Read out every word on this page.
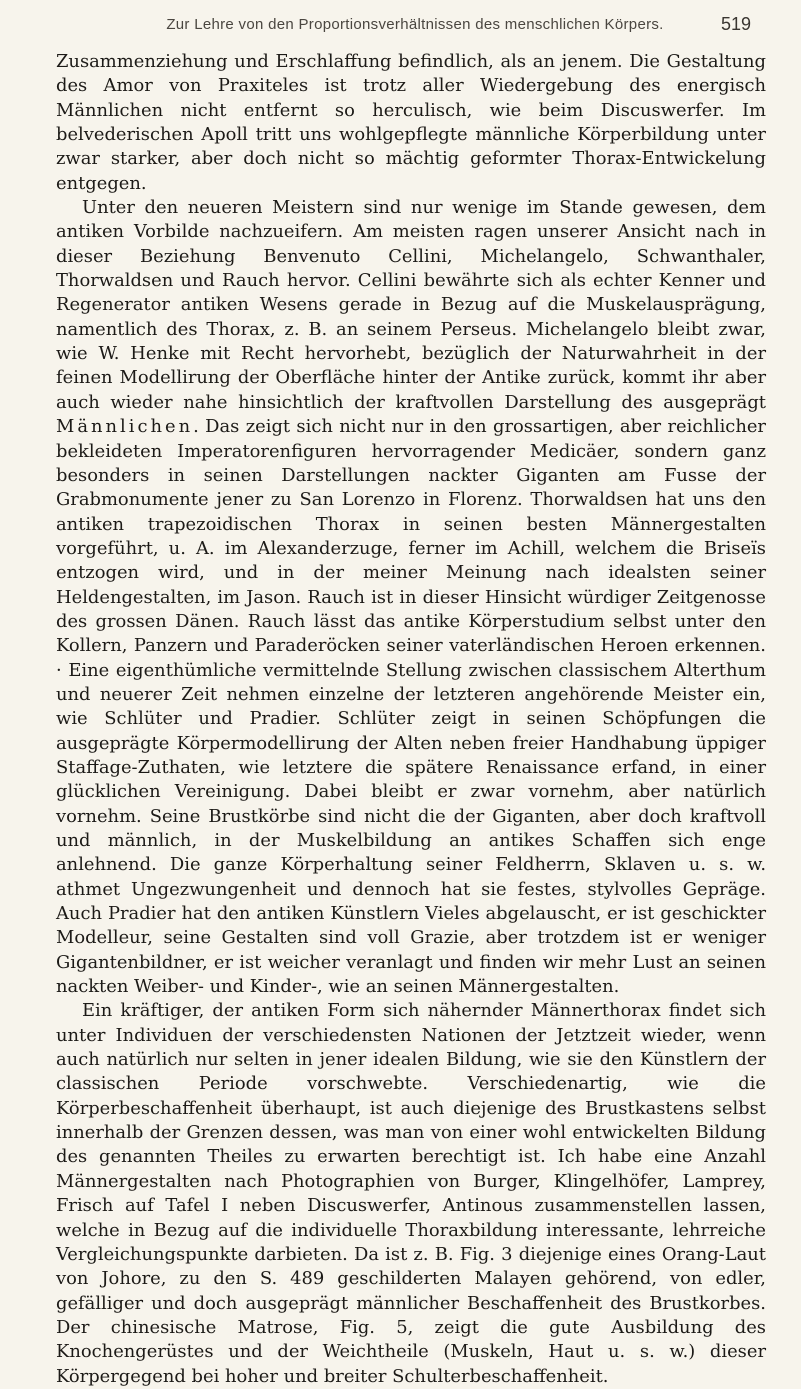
Zur Lehre von den Proportionsverhältnissen des menschlichen Körpers.	519

Zusammenziehung und Erschlaffung befindlich, als an jenem. Die Gestaltung des Amor von Praxiteles ist trotz aller Wiedergebung des energisch Männlichen nicht entfernt so herculisch, wie beim Discuswerfer. Im belvederischen Apoll tritt uns wohlgepflegte männliche Körperbildung unter zwar starker, aber doch nicht so mächtig geformter Thorax-Entwickelung entgegen.

Unter den neueren Meistern sind nur wenige im Stande gewesen, dem antiken Vorbilde nachzueifern. Am meisten ragen unserer Ansicht nach in dieser Beziehung Benvenuto Cellini, Michelangelo, Schwanthaler, Thorwaldsen und Rauch hervor. Cellini bewährte sich als echter Kenner und Regenerator antiken Wesens gerade in Bezug auf die Muskelausprägung, namentlich des Thorax, z. B. an seinem Perseus. Michelangelo bleibt zwar, wie W. Henke mit Recht hervorhebt, bezüglich der Naturwahrheit in der feinen Modellirung der Oberfläche hinter der Antike zurück, kommt ihr aber auch wieder nahe hinsichtlich der kraftvollen Darstellung des ausgeprägt Männlichen. Das zeigt sich nicht nur in den grossartigen, aber reichlicher bekleideten Imperatorenfiguren hervorragender Medicäer, sondern ganz besonders in seinen Darstellungen nackter Giganten am Fusse der Grabmonumente jener zu San Lorenzo in Florenz. Thorwaldsen hat uns den antiken trapezoidischen Thorax in seinen besten Männergestalten vorgeführt, u. A. im Alexanderzuge, ferner im Achill, welchem die Briseïs entzogen wird, und in der meiner Meinung nach idealsten seiner Heldengestalten, im Jason. Rauch ist in dieser Hinsicht würdiger Zeitgenosse des grossen Dänen. Rauch lässt das antike Körperstudium selbst unter den Kollern, Panzern und Paraderöcken seiner vaterländischen Heroen erkennen. · Eine eigenthümliche vermittelnde Stellung zwischen classischem Alterthum und neuerer Zeit nehmen einzelne der letzteren angehörende Meister ein, wie Schlüter und Pradier. Schlüter zeigt in seinen Schöpfungen die ausgeprägte Körpermodellirung der Alten neben freier Handhabung üppiger Staffage-Zuthaten, wie letztere die spätere Renaissance erfand, in einer glücklichen Vereinigung. Dabei bleibt er zwar vornehm, aber natürlich vornehm. Seine Brustkörbe sind nicht die der Giganten, aber doch kraftvoll und männlich, in der Muskelbildung an antikes Schaffen sich enge anlehnend. Die ganze Körperhaltung seiner Feldherrn, Sklaven u. s. w. athmet Ungezwungenheit und dennoch hat sie festes, stylvolles Gepräge. Auch Pradier hat den antiken Künstlern Vieles abgelauscht, er ist geschickter Modelleur, seine Gestalten sind voll Grazie, aber trotzdem ist er weniger Gigantenbildner, er ist weicher veranlagt und finden wir mehr Lust an seinen nackten Weiber- und Kinder-, wie an seinen Männergestalten.

Ein kräftiger, der antiken Form sich nähernder Männerthorax findet sich unter Individuen der verschiedensten Nationen der Jetztzeit wieder, wenn auch natürlich nur selten in jener idealen Bildung, wie sie den Künstlern der classischen Periode vorschwebte. Verschiedenartig, wie die Körperbeschaffenheit überhaupt, ist auch diejenige des Brustkastens selbst innerhalb der Grenzen dessen, was man von einer wohl entwickelten Bildung des genannten Theiles zu erwarten berechtigt ist. Ich habe eine Anzahl Männergestalten nach Photographien von Burger, Klingelhöfer, Lamprey, Frisch auf Tafel I neben Discuswerfer, Antinous zusammenstellen lassen, welche in Bezug auf die individuelle Thoraxbildung interessante, lehrreiche Vergleichungspunkte darbieten. Da ist z. B. Fig. 3 diejenige eines Orang-Laut von Johore, zu den S. 489 geschilderten Malayen gehörend, von edler, gefälliger und doch ausgeprägt männlicher Beschaffenheit des Brustkorbes. Der chinesische Matrose, Fig. 5, zeigt die gute Ausbildung des Knochengerüstes und der Weichtheile (Muskeln, Haut u. s. w.) dieser Körpergegend bei hoher und breiter Schulterbeschaffenheit.
